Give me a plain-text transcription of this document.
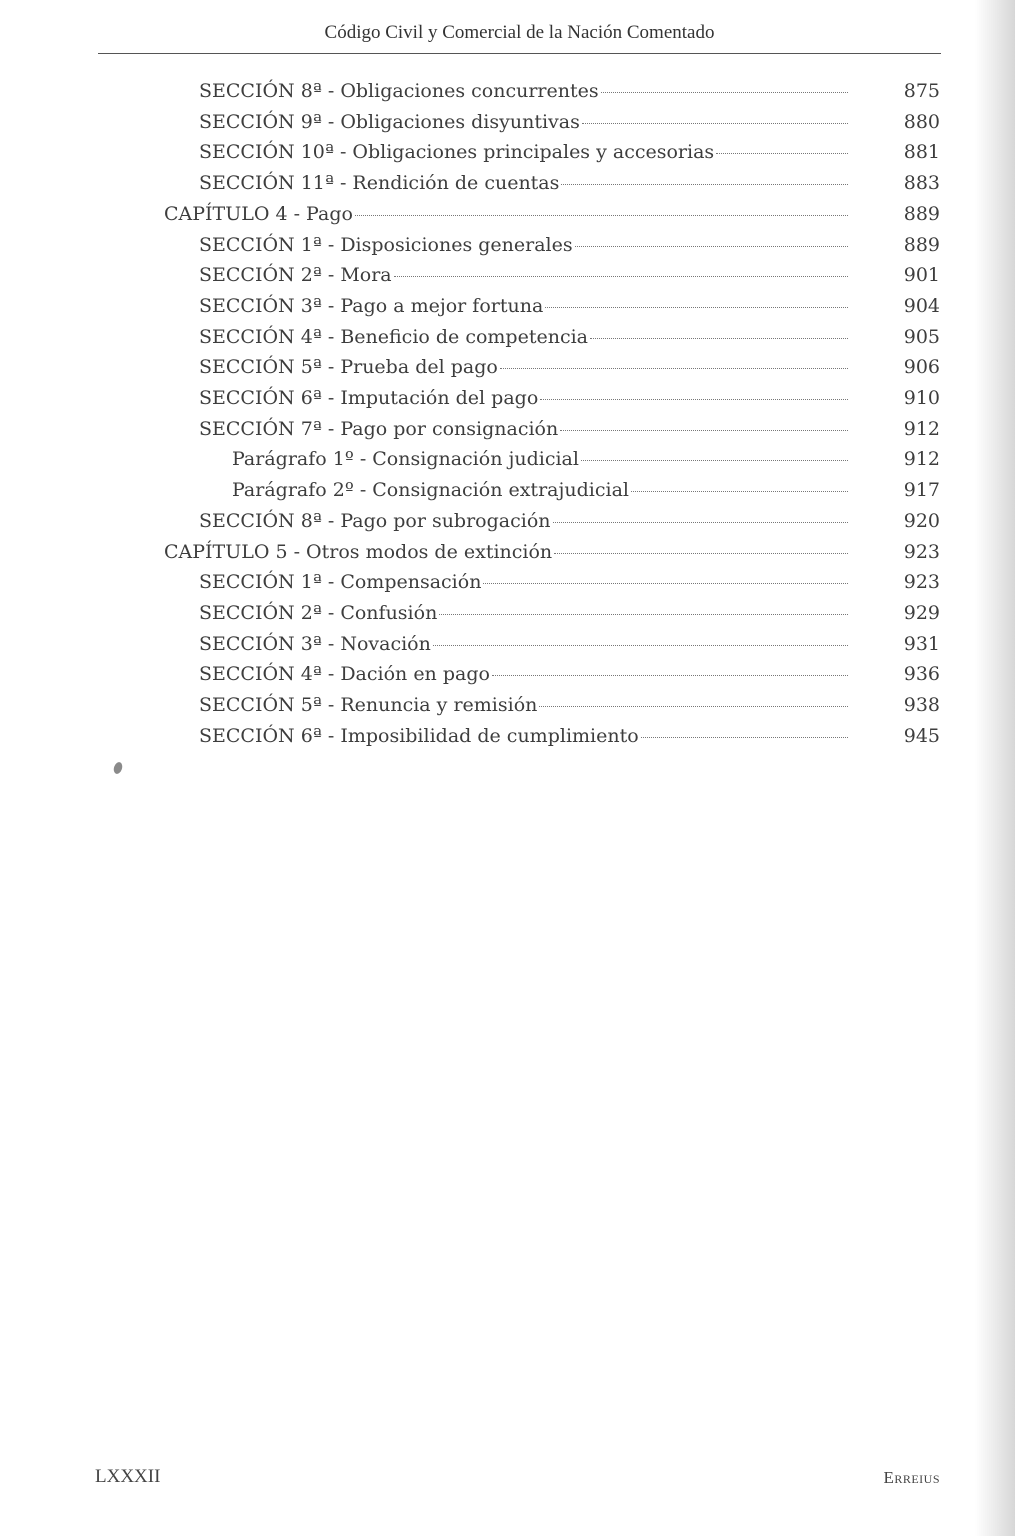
Código Civil y Comercial de la Nación Comentado
SECCIÓN 8ª - Obligaciones concurrentes	875
SECCIÓN 9ª - Obligaciones disyuntivas	880
SECCIÓN 10ª - Obligaciones principales y accesorias	881
SECCIÓN 11ª - Rendición de cuentas	883
CAPÍTULO 4 - Pago	889
SECCIÓN 1ª - Disposiciones generales	889
SECCIÓN 2ª - Mora	901
SECCIÓN 3ª - Pago a mejor fortuna	904
SECCIÓN 4ª - Beneficio de competencia	905
SECCIÓN 5ª - Prueba del pago	906
SECCIÓN 6ª - Imputación del pago	910
SECCIÓN 7ª - Pago por consignación	912
Parágrafo 1º - Consignación judicial	912
Parágrafo 2º - Consignación extrajudicial	917
SECCIÓN 8ª - Pago por subrogación	920
CAPÍTULO 5 - Otros modos de extinción	923
SECCIÓN 1ª - Compensación	923
SECCIÓN 2ª - Confusión	929
SECCIÓN 3ª - Novación	931
SECCIÓN 4ª - Dación en pago	936
SECCIÓN 5ª - Renuncia y remisión	938
SECCIÓN 6ª - Imposibilidad de cumplimiento	945
LXXXII	Erreius
